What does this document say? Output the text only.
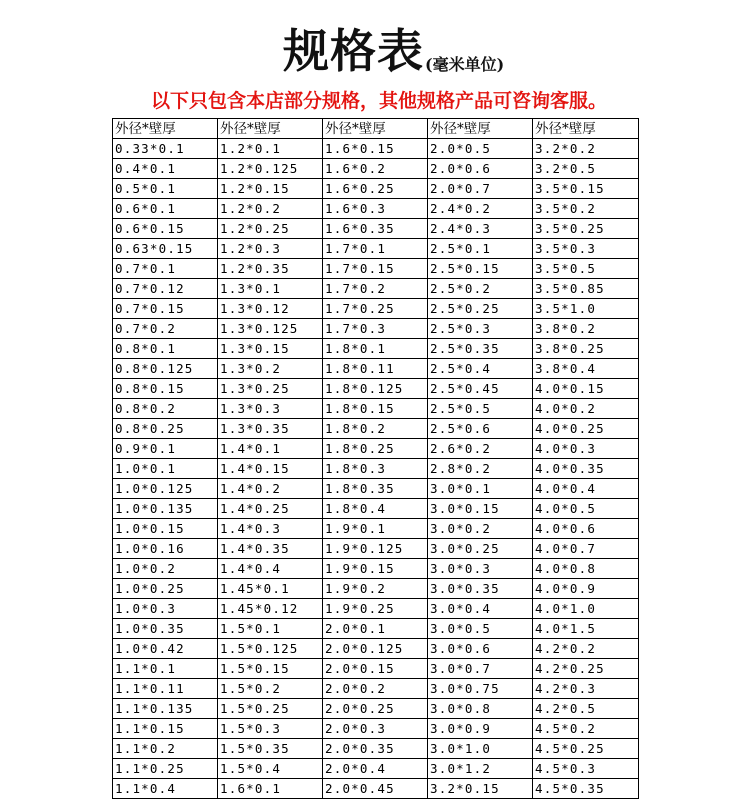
规格表 (毫米单位)
以下只包含本店部分规格，其他规格产品可咨询客服。
外径*壁厚	外径*壁厚	外径*壁厚	外径*壁厚	外径*壁厚
0.33*0.1	1.2*0.1	1.6*0.15	2.0*0.5	3.2*0.2
0.4*0.1	1.2*0.125	1.6*0.2	2.0*0.6	3.2*0.5
0.5*0.1	1.2*0.15	1.6*0.25	2.0*0.7	3.5*0.15
0.6*0.1	1.2*0.2	1.6*0.3	2.4*0.2	3.5*0.2
0.6*0.15	1.2*0.25	1.6*0.35	2.4*0.3	3.5*0.25
0.63*0.15	1.2*0.3	1.7*0.1	2.5*0.1	3.5*0.3
0.7*0.1	1.2*0.35	1.7*0.15	2.5*0.15	3.5*0.5
0.7*0.12	1.3*0.1	1.7*0.2	2.5*0.2	3.5*0.85
0.7*0.15	1.3*0.12	1.7*0.25	2.5*0.25	3.5*1.0
0.7*0.2	1.3*0.125	1.7*0.3	2.5*0.3	3.8*0.2
0.8*0.1	1.3*0.15	1.8*0.1	2.5*0.35	3.8*0.25
0.8*0.125	1.3*0.2	1.8*0.11	2.5*0.4	3.8*0.4
0.8*0.15	1.3*0.25	1.8*0.125	2.5*0.45	4.0*0.15
0.8*0.2	1.3*0.3	1.8*0.15	2.5*0.5	4.0*0.2
0.8*0.25	1.3*0.35	1.8*0.2	2.5*0.6	4.0*0.25
0.9*0.1	1.4*0.1	1.8*0.25	2.6*0.2	4.0*0.3
1.0*0.1	1.4*0.15	1.8*0.3	2.8*0.2	4.0*0.35
1.0*0.125	1.4*0.2	1.8*0.35	3.0*0.1	4.0*0.4
1.0*0.135	1.4*0.25	1.8*0.4	3.0*0.15	4.0*0.5
1.0*0.15	1.4*0.3	1.9*0.1	3.0*0.2	4.0*0.6
1.0*0.16	1.4*0.35	1.9*0.125	3.0*0.25	4.0*0.7
1.0*0.2	1.4*0.4	1.9*0.15	3.0*0.3	4.0*0.8
1.0*0.25	1.45*0.1	1.9*0.2	3.0*0.35	4.0*0.9
1.0*0.3	1.45*0.12	1.9*0.25	3.0*0.4	4.0*1.0
1.0*0.35	1.5*0.1	2.0*0.1	3.0*0.5	4.0*1.5
1.0*0.42	1.5*0.125	2.0*0.125	3.0*0.6	4.2*0.2
1.1*0.1	1.5*0.15	2.0*0.15	3.0*0.7	4.2*0.25
1.1*0.11	1.5*0.2	2.0*0.2	3.0*0.75	4.2*0.3
1.1*0.135	1.5*0.25	2.0*0.25	3.0*0.8	4.2*0.5
1.1*0.15	1.5*0.3	2.0*0.3	3.0*0.9	4.5*0.2
1.1*0.2	1.5*0.35	2.0*0.35	3.0*1.0	4.5*0.25
1.1*0.25	1.5*0.4	2.0*0.4	3.0*1.2	4.5*0.3
1.1*0.4	1.6*0.1	2.0*0.45	3.2*0.15	4.5*0.35
